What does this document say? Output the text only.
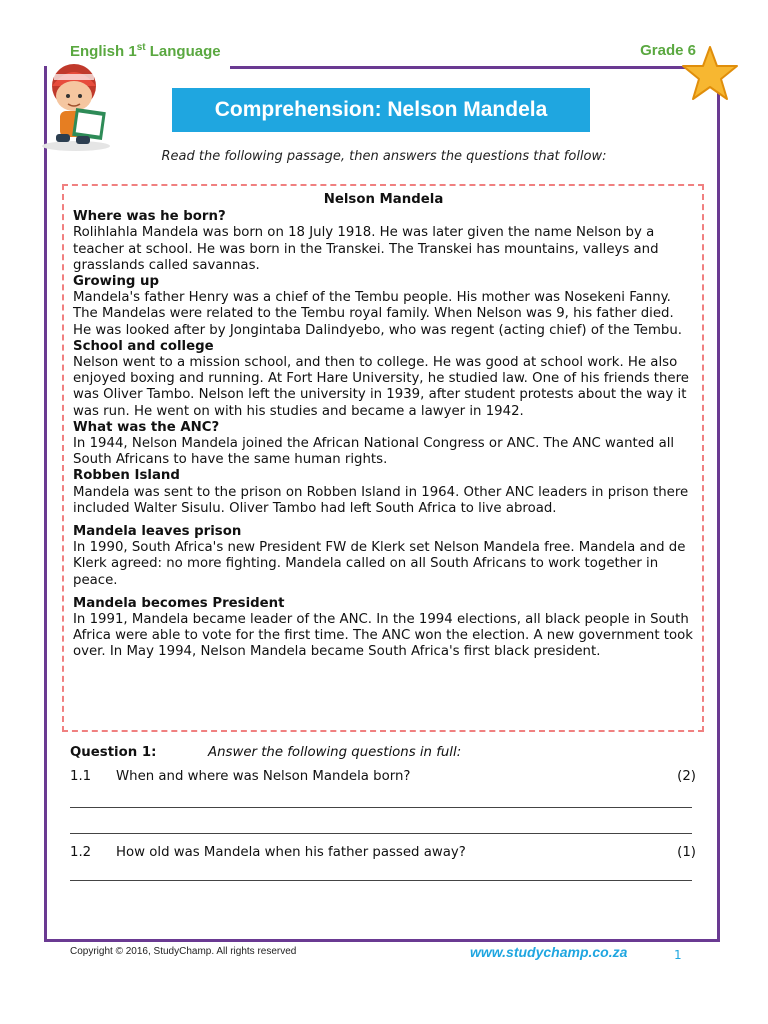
English 1st Language	Grade 6
Comprehension: Nelson Mandela
Read the following passage, then answers the questions that follow:
Nelson Mandela
Where was he born?

Rolihlahla Mandela was born on 18 July 1918. He was later given the name Nelson by a teacher at school. He was born in the Transkei. The Transkei has mountains, valleys and grasslands called savannas.

Growing up

Mandela's father Henry was a chief of the Tembu people. His mother was Nosekeni Fanny. The Mandelas were related to the Tembu royal family. When Nelson was 9, his father died. He was looked after by Jongintaba Dalindyebo, who was regent (acting chief) of the Tembu.

School and college

Nelson went to a mission school, and then to college. He was good at school work. He also enjoyed boxing and running. At Fort Hare University, he studied law. One of his friends there was Oliver Tambo. Nelson left the university in 1939, after student protests about the way it was run. He went on with his studies and became a lawyer in 1942.

What was the ANC?

In 1944, Nelson Mandela joined the African National Congress or ANC. The ANC wanted all South Africans to have the same human rights.

Robben Island

Mandela was sent to the prison on Robben Island in 1964. Other ANC leaders in prison there included Walter Sisulu. Oliver Tambo had left South Africa to live abroad.

Mandela leaves prison

In 1990, South Africa's new President FW de Klerk set Nelson Mandela free. Mandela and de Klerk agreed: no more fighting. Mandela called on all South Africans to work together in peace.

Mandela becomes President

In 1991, Mandela became leader of the ANC. In the 1994 elections, all black people in South Africa were able to vote for the first time. The ANC won the election. A new government took over. In May 1994, Nelson Mandela became South Africa's first black president.

Question 1:	Answer the following questions in full:
1.1 When and where was Nelson Mandela born?	(2)
1.2 How old was Mandela when his father passed away?	(1)
Copyright © 2016, StudyChamp. All rights reserved	www.studychamp.co.za	1
